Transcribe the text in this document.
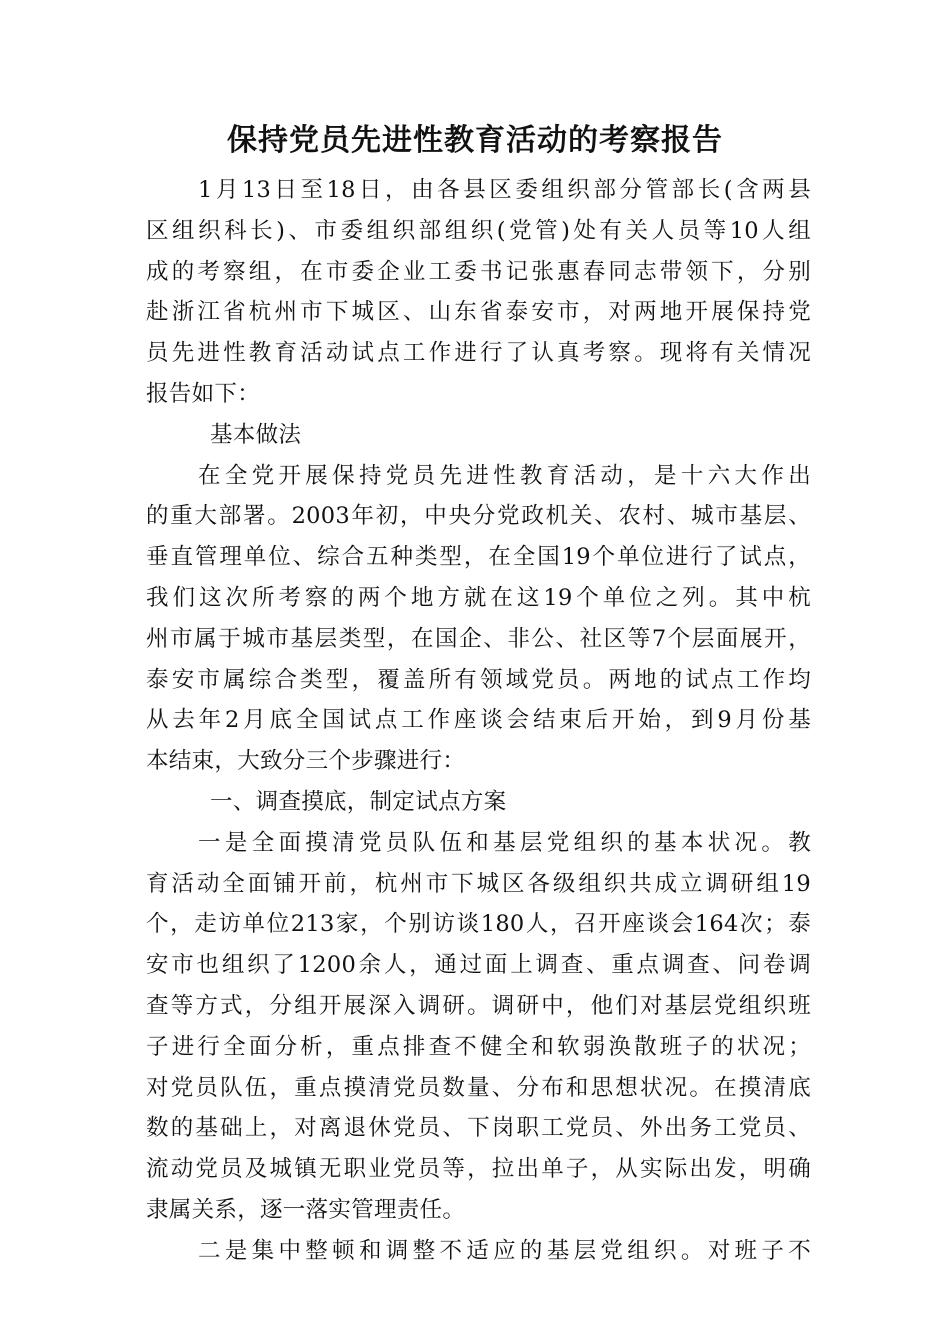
保持党员先进性教育活动的考察报告
1月13日至18日，由各县区委组织部分管部长(含两县
区组织科长)、市委组织部组织(党管)处有关人员等10人组
成的考察组，在市委企业工委书记张惠春同志带领下，分别
赴浙江省杭州市下城区、山东省泰安市，对两地开展保持党
员先进性教育活动试点工作进行了认真考察。现将有关情况
报告如下：
基本做法
在全党开展保持党员先进性教育活动，是十六大作出
的重大部署。2003年初，中央分党政机关、农村、城市基层、
垂直管理单位、综合五种类型，在全国19个单位进行了试点，
我们这次所考察的两个地方就在这19个单位之列。其中杭
州市属于城市基层类型，在国企、非公、社区等7个层面展开，
泰安市属综合类型，覆盖所有领域党员。两地的试点工作均
从去年2月底全国试点工作座谈会结束后开始，到9月份基
本结束，大致分三个步骤进行：
一、调查摸底，制定试点方案
一是全面摸清党员队伍和基层党组织的基本状况。教
育活动全面铺开前，杭州市下城区各级组织共成立调研组19
个，走访单位213家，个别访谈180人，召开座谈会164次；泰
安市也组织了1200余人，通过面上调查、重点调查、问卷调
查等方式，分组开展深入调研。调研中，他们对基层党组织班
子进行全面分析，重点排查不健全和软弱涣散班子的状况；
对党员队伍，重点摸清党员数量、分布和思想状况。在摸清底
数的基础上，对离退休党员、下岗职工党员、外出务工党员、
流动党员及城镇无职业党员等，拉出单子，从实际出发，明确
隶属关系，逐一落实管理责任。
二是集中整顿和调整不适应的基层党组织。对班子不
